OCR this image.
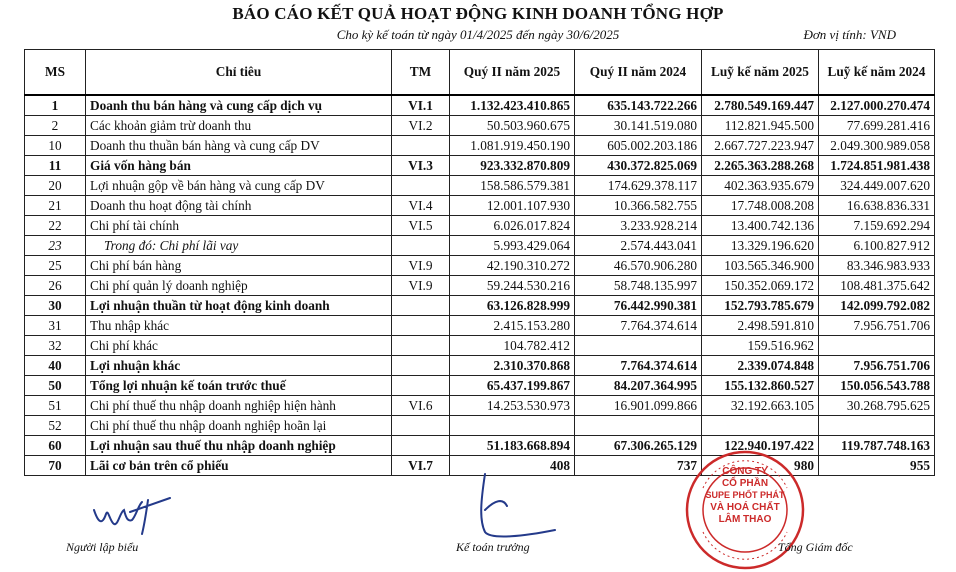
BÁO CÁO KẾT QUẢ HOẠT ĐỘNG KINH DOANH TỔNG HỢP
Cho kỳ kế toán từ ngày 01/4/2025 đến ngày 30/6/2025	Đơn vị tính: VND
MS	Chỉ tiêu	TM	Quý II năm 2025	Quý II năm 2024	Luỹ kế năm 2025	Luỹ kế năm 2024
1	Doanh thu bán hàng và cung cấp dịch vụ	VI.1	1.132.423.410.865	635.143.722.266	2.780.549.169.447	2.127.000.270.474
2	Các khoản giảm trừ doanh thu	VI.2	50.503.960.675	30.141.519.080	112.821.945.500	77.699.281.416
10	Doanh thu thuần bán hàng và cung cấp DV		1.081.919.450.190	605.002.203.186	2.667.727.223.947	2.049.300.989.058
11	Giá vốn hàng bán	VI.3	923.332.870.809	430.372.825.069	2.265.363.288.268	1.724.851.981.438
20	Lợi nhuận gộp về bán hàng và cung cấp DV		158.586.579.381	174.629.378.117	402.363.935.679	324.449.007.620
21	Doanh thu hoạt động tài chính	VI.4	12.001.107.930	10.366.582.755	17.748.008.208	16.638.836.331
22	Chi phí tài chính	VI.5	6.026.017.824	3.233.928.214	13.400.742.136	7.159.692.294
23	Trong đó: Chi phí lãi vay		5.993.429.064	2.574.443.041	13.329.196.620	6.100.827.912
25	Chi phí bán hàng	VI.9	42.190.310.272	46.570.906.280	103.565.346.900	83.346.983.933
26	Chi phí quản lý doanh nghiệp	VI.9	59.244.530.216	58.748.135.997	150.352.069.172	108.481.375.642
30	Lợi nhuận thuần từ hoạt động kinh doanh		63.126.828.999	76.442.990.381	152.793.785.679	142.099.792.082
31	Thu nhập khác		2.415.153.280	7.764.374.614	2.498.591.810	7.956.751.706
32	Chi phí khác		104.782.412		159.516.962	
40	Lợi nhuận khác		2.310.370.868	7.764.374.614	2.339.074.848	7.956.751.706
50	Tổng lợi nhuận kế toán trước thuế		65.437.199.867	84.207.364.995	155.132.860.527	150.056.543.788
51	Chi phí thuế thu nhập doanh nghiệp hiện hành	VI.6	14.253.530.973	16.901.099.866	32.192.663.105	30.268.795.625
52	Chi phí thuế thu nhập doanh nghiệp hoãn lại					
60	Lợi nhuận sau thuế thu nhập doanh nghiệp		51.183.668.894	67.306.265.129	122.940.197.422	119.787.748.163
70	Lãi cơ bản trên cổ phiếu	VI.7	408	737	980	955
CÔNG TY
CỔ PHẦN
SUPE PHỐT PHÁT
VÀ HOÁ CHẤT
LÂM THAO
Người lập biểu	Kế toán trưởng	Tổng Giám đốc
